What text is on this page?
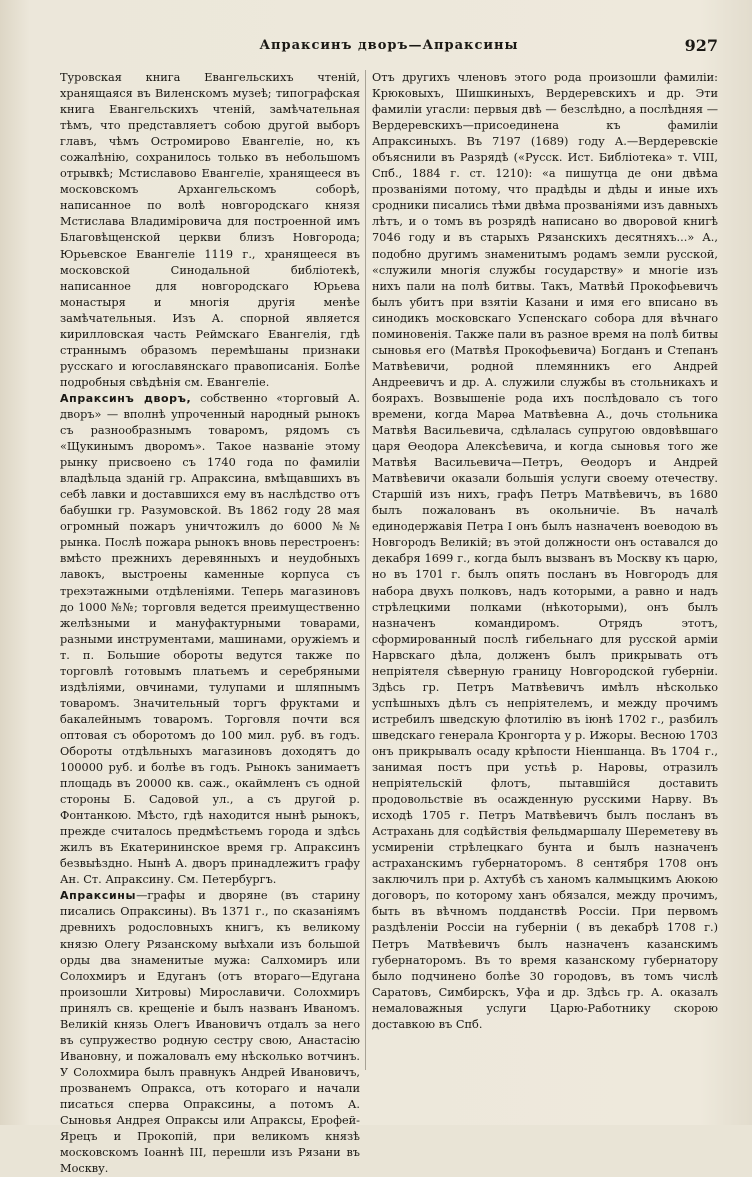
Апраксинъ дворъ—Апраксины	927

Туровская книга Евангельскихъ чтеній, хранящаяся въ Виленскомъ музеѣ; типографская книга Евангельскихъ чтеній, замѣчательная тѣмъ, что представляетъ собою другой выборъ главъ, чѣмъ Остромирово Евангеліе, но, къ сожалѣнію, сохранилось только въ небольшомъ отрывкѣ; Мстиславово Евангеліе, хранящееся въ московскомъ Архангельскомъ соборѣ, написанное по волѣ новгородскаго князя Мстислава Владиміровича для построенной имъ Благовѣщенской церкви близъ Новгорода; Юрьевское Евангеліе 1119 г., хранящееся въ московской Синодальной библіотекѣ, написанное для новгородскаго Юрьева монастыря и многія другія менѣе замѣчательныя. Изъ А. спорной является кирилловская часть Реймскаго Евангелія, гдѣ страннымъ образомъ перемѣшаны признаки русскаго и югославянскаго правописанія. Болѣе подробныя свѣдѣнія см. Евангеліе.

Апраксинъ дворъ, собственно «торговый А. дворъ» — вполнѣ упроченный народный рынокъ съ разнообразнымъ товаромъ, рядомъ съ «Щукинымъ дворомъ». Такое названіе этому рынку присвоено съ 1740 года по фамиліи владѣльца зданій гр. Апраксина, вмѣщавшихъ въ себѣ лавки и доставшихся ему въ наслѣдство отъ бабушки гр. Разумовской. Въ 1862 году 28 мая огромный пожаръ уничтожилъ до 6000 №№ рынка. Послѣ пожара рынокъ вновь перестроенъ: вмѣсто прежнихъ деревянныхъ и неудобныхъ лавокъ, выстроены каменные корпуса съ трехэтажными отдѣленіями. Теперь магазиновъ до 1000 №№; торговля ведется преимущественно желѣзными и мануфактурными товарами, разными инструментами, машинами, оружіемъ и т. п. Большие обороты ведутся также по торговлѣ готовымъ платьемъ и серебряными издѣліями, овчинами, тулупами и шляпнымъ товаромъ. Значительный торгъ фруктами и бакалейнымъ товаромъ. Торговля почти вся оптовая съ оборотомъ до 100 мил. руб. въ годъ. Обороты отдѣльныхъ магазиновъ доходятъ до 100000 руб. и болѣе въ годъ. Рынокъ занимаетъ площадь въ 20000 кв. саж., окаймленъ съ одной стороны Б. Садовой ул., а съ другой р. Фонтанкою. Мѣсто, гдѣ находится нынѣ рынокъ, прежде считалось предмѣстьемъ города и здѣсь жилъ въ Екатерининское время гр. Апраксинъ безвыѣздно. Нынѣ А. дворъ принадлежитъ графу Ан. Ст. Апраксину. См. Петербургъ.

Апраксины—графы и дворяне (въ старину писались Опраксины). Въ 1371 г., по сказаніямъ древнихъ родословныхъ книгъ, къ великому князю Олегу Рязанскому выѣхали изъ большой орды два знаменитые мужа: Салхомиръ или Солохмиръ и Едуганъ (отъ втораго—Едугана произошли Хитровы) Мирославичи. Солохмиръ принялъ св. крещеніе и былъ названъ Иваномъ. Великій князь Олегъ Ивановичъ отдалъ за него въ супружество родную сестру свою, Анастасію Ивановну, и пожаловалъ ему нѣсколько вотчинъ. У Солохмира былъ правнукъ Андрей Ивановичъ, прозванемъ Опракса, отъ котораго и начали писаться сперва Опраксины, а потомъ А. Сыновья Андрея Опраксы или Апраксы, Ерофей-Ярецъ и Прокопій, при великомъ князѣ московскомъ Іоаннѣ III, перешли изъ Рязани въ Москву.

Отъ другихъ членовъ этого рода произошли фамиліи: Крюковыхъ, Шишкиныхъ, Вердеревскихъ и др. Эти фамиліи угасли: первыя двѣ — безслѣдно, а послѣдняя — Вердеревскихъ—присоединена къ фамиліи Апраксиныхъ. Въ 7197 (1689) году А.—Вердеревскіе объяснили въ Разрядѣ («Русск. Ист. Библіотека» т. VIII, Спб., 1884 г. ст. 1210): «а пишутца де они двѣма прозваніями потому, что прадѣды и дѣды и иные ихъ сродники писались тѣми двѣма прозваніями изъ давныхъ лѣтъ, и о томъ въ розрядѣ написано во дворовой книгѣ 7046 году и въ старыхъ Рязанскихъ десятняхъ...» А., подобно другимъ знаменитымъ родамъ земли русской, «служили многія службы государству» и многіе изъ нихъ пали на полѣ битвы. Такъ, Матвѣй Прокофьевичъ былъ убитъ при взятіи Казани и имя его вписано въ синодикъ московскаго Успенскаго собора для вѣчнаго поминовенія. Также пали въ разное время на полѣ битвы сыновья его (Матвѣя Прокофьевича) Богданъ и Степанъ Матвѣевичи, родной племянникъ его Андрей Андреевичъ и др. А. служили службы въ стольникахъ и боярахъ. Возвышеніе рода ихъ послѣдовало съ того времени, когда Марѳа Матвѣевна А., дочь стольника Матвѣя Васильевича, сдѣлалась супругою овдовѣвшаго царя Ѳеодора Алексѣевича, и когда сыновья того же Матвѣя Васильевича—Петръ, Ѳеодоръ и Андрей Матвѣевичи оказали большія услуги своему отечеству. Старшій изъ нихъ, графъ Петръ Матвѣевичъ, въ 1680 былъ пожалованъ въ окольничіе. Въ началѣ единодержавія Петра I онъ былъ назначенъ воеводою въ Новгородъ Великій; въ этой должности онъ оставался до декабря 1699 г., когда былъ вызванъ въ Москву къ царю, но въ 1701 г. былъ опять посланъ въ Новгородъ для набора двухъ полковъ, надъ которыми, а равно и надъ стрѣлецкими полками (нѣкоторыми), онъ былъ назначенъ командиромъ. Отрядъ этотъ, сформированный послѣ гибельнаго для русской арміи Нарвскаго дѣла, долженъ былъ прикрывать отъ непріятеля сѣверную границу Новгородской губерніи. Здѣсь гр. Петръ Матвѣевичъ имѣлъ нѣсколько успѣшныхъ дѣлъ съ непріятелемъ, и между прочимъ истребилъ шведскую флотилію въ іюнѣ 1702 г., разбилъ шведскаго генерала Кронгорта у р. Ижоры. Весною 1703 онъ прикрывалъ осаду крѣпости Ніеншанца. Въ 1704 г., занимая постъ при устьѣ р. Наровы, отразилъ непріятельскій флотъ, пытавшійся доставить продовольствіе въ осажденную русскими Нарву. Въ исходѣ 1705 г. Петръ Матвѣевичъ былъ посланъ въ Астрахань для содѣйствія фельдмаршалу Шереметеву въ усмиреніи стрѣлецкаго бунта и былъ назначенъ астраханскимъ губернаторомъ. 8 сентября 1708 онъ заключилъ при р. Ахтубѣ съ ханомъ калмыцкимъ Аюкою договоръ, по которому ханъ обязался, между прочимъ, быть въ вѣчномъ подданствѣ Россіи. При первомъ раздѣленіи Россіи на губерніи ( въ декабрѣ 1708 г.) Петръ Матвѣевичъ былъ назначенъ казанскимъ губернаторомъ. Въ то время казанскому губернатору было подчинено болѣе 30 городовъ, въ томъ числѣ Саратовъ, Симбирскъ, Уфа и др. Здѣсь гр. А. оказалъ немаловажныя услуги Царю-Работнику скорою доставкою въ Спб.
